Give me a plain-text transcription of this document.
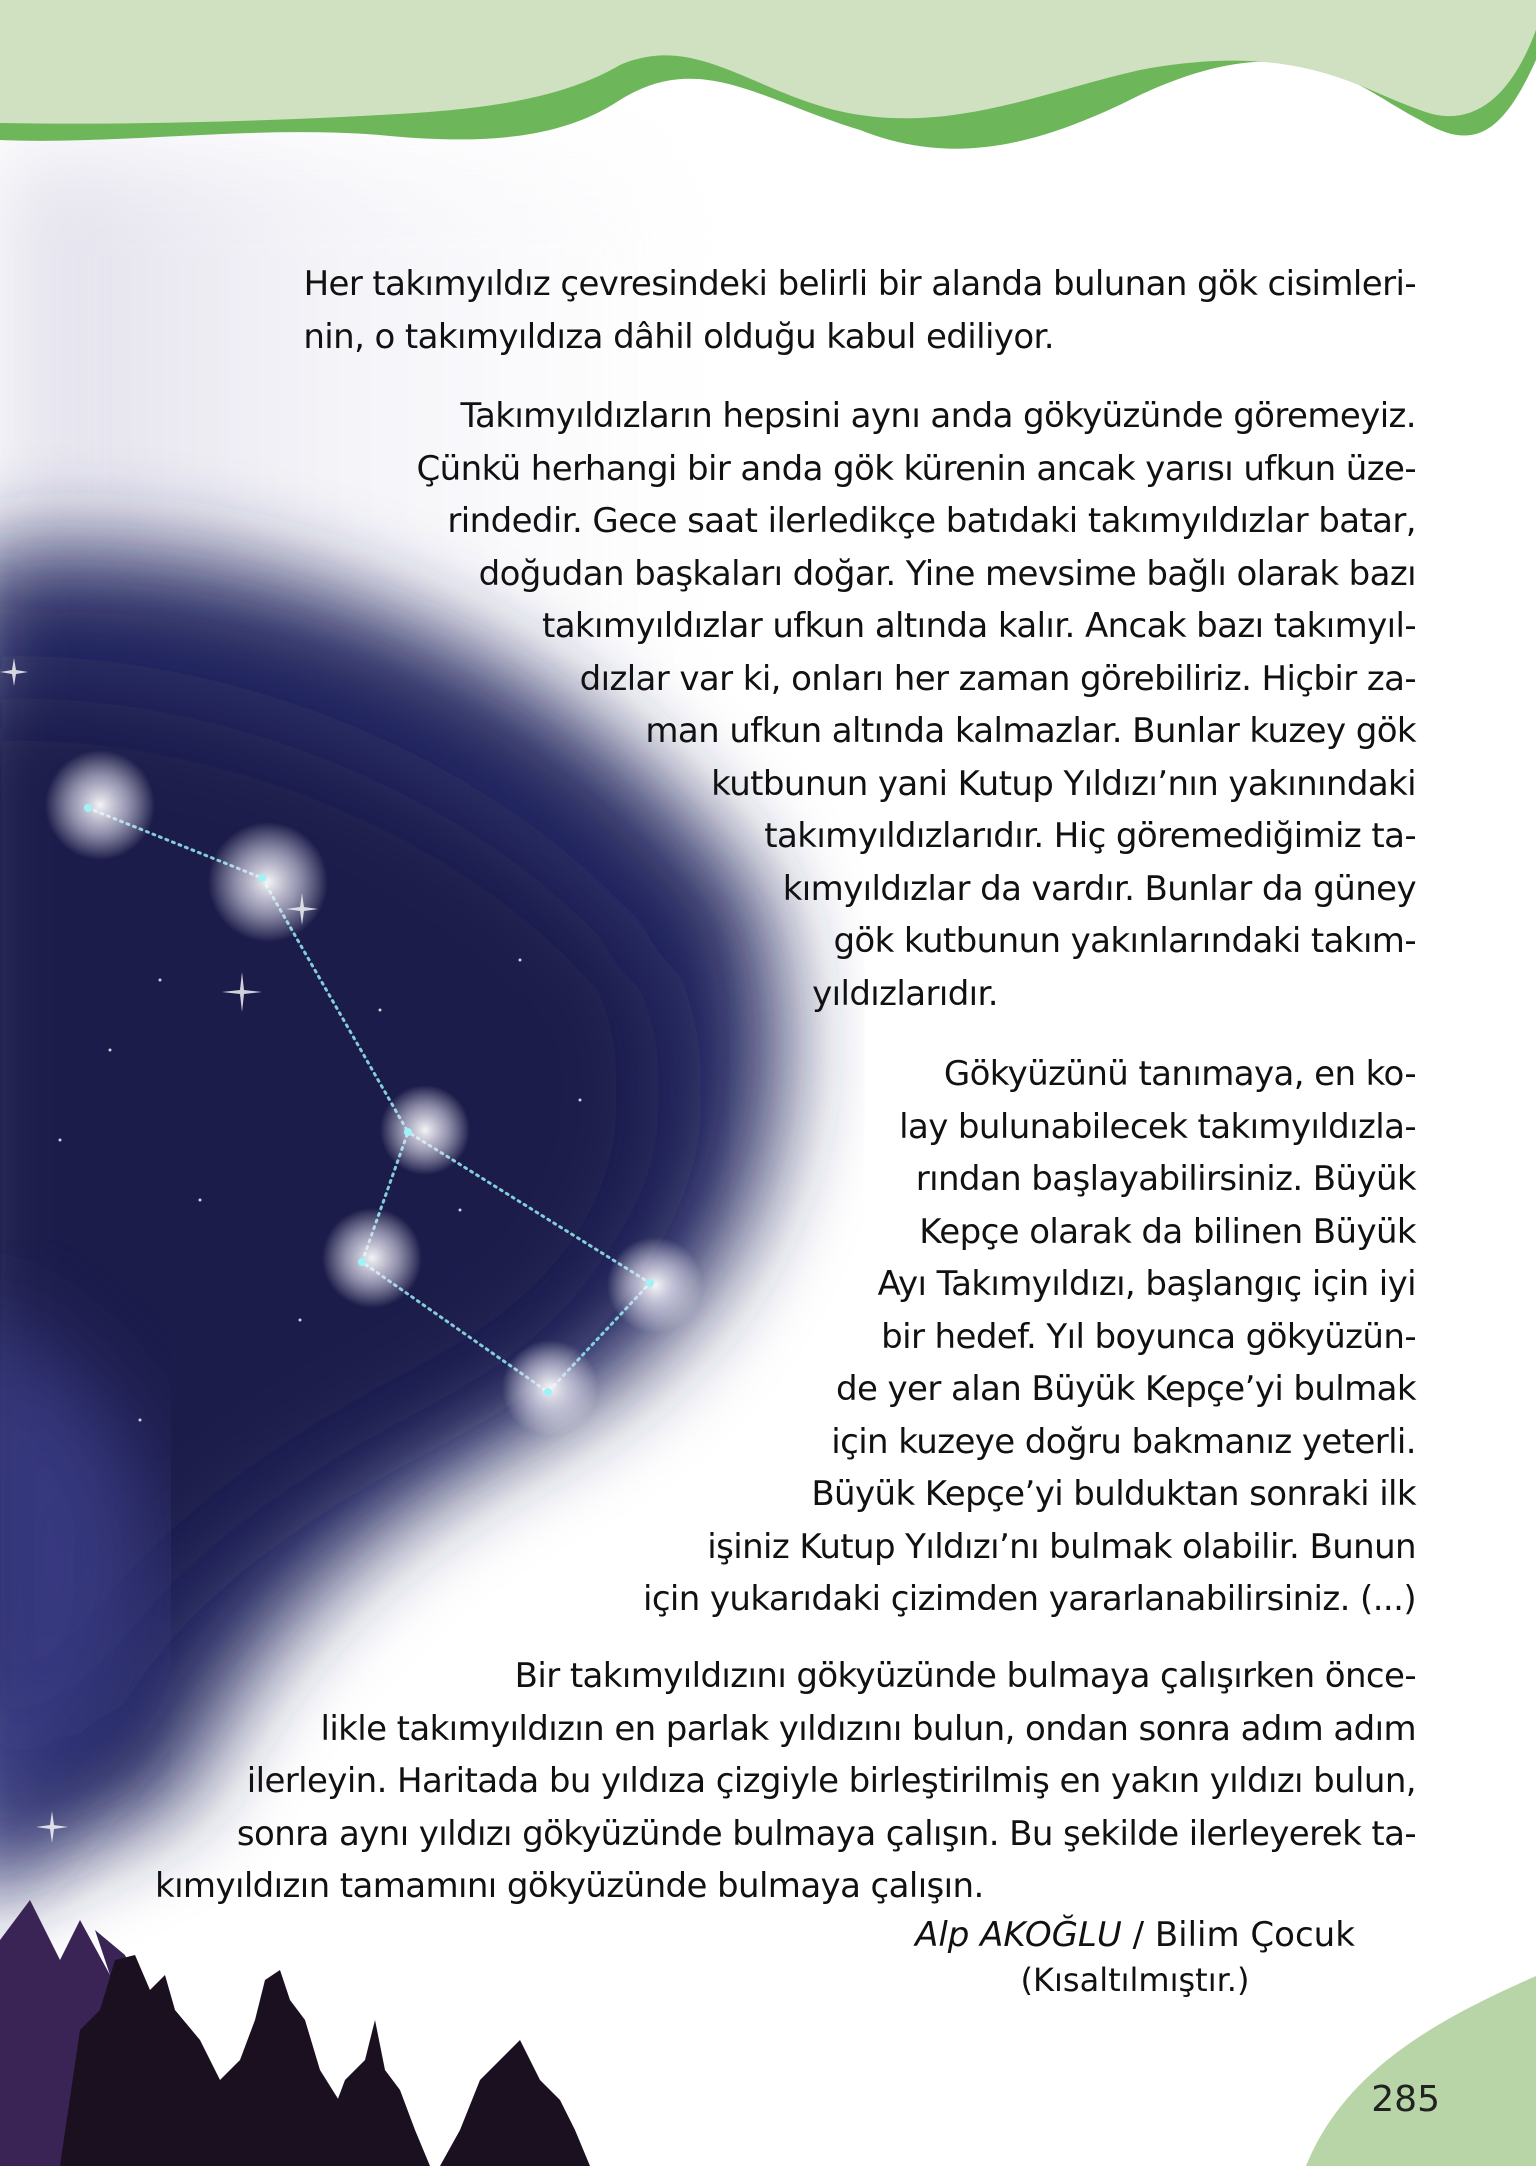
Her takımyıldız çevresindeki belirli bir alanda bulunan gök cisimleri-
nin, o takımyıldıza dâhil olduğu kabul ediliyor.
Takımyıldızların hepsini aynı anda gökyüzünde göremeyiz.
Çünkü herhangi bir anda gök kürenin ancak yarısı ufkun üze-
rindedir. Gece saat ilerledikçe batıdaki takımyıldızlar batar,
doğudan başkaları doğar. Yine mevsime bağlı olarak bazı
takımyıldızlar ufkun altında kalır. Ancak bazı takımyıl-
dızlar var ki, onları her zaman görebiliriz. Hiçbir za-
man ufkun altında kalmazlar. Bunlar kuzey gök
kutbunun yani Kutup Yıldızı’nın yakınındaki
takımyıldızlarıdır. Hiç göremediğimiz ta-
kımyıldızlar da vardır. Bunlar da güney
gök kutbunun yakınlarındaki takım-
yıldızlarıdır.
Gökyüzünü tanımaya, en ko-
lay bulunabilecek takımyıldızla-
rından başlayabilirsiniz. Büyük
Kepçe olarak da bilinen Büyük
Ayı Takımyıldızı, başlangıç için iyi
bir hedef. Yıl boyunca gökyüzün-
de yer alan Büyük Kepçe’yi bulmak
için kuzeye doğru bakmanız yeterli.
Büyük Kepçe’yi bulduktan sonraki ilk
işiniz Kutup Yıldızı’nı bulmak olabilir. Bunun
için yukarıdaki çizimden yararlanabilirsiniz. (...)
Bir takımyıldızını gökyüzünde bulmaya çalışırken önce-
likle takımyıldızın en parlak yıldızını bulun, ondan sonra adım adım
ilerleyin. Haritada bu yıldıza çizgiyle birleştirilmiş en yakın yıldızı bulun,
sonra aynı yıldızı gökyüzünde bulmaya çalışın. Bu şekilde ilerleyerek ta-
kımyıldızın tamamını gökyüzünde bulmaya çalışın.
Alp AKOĞLU / Bilim Çocuk
(Kısaltılmıştır.)
285
